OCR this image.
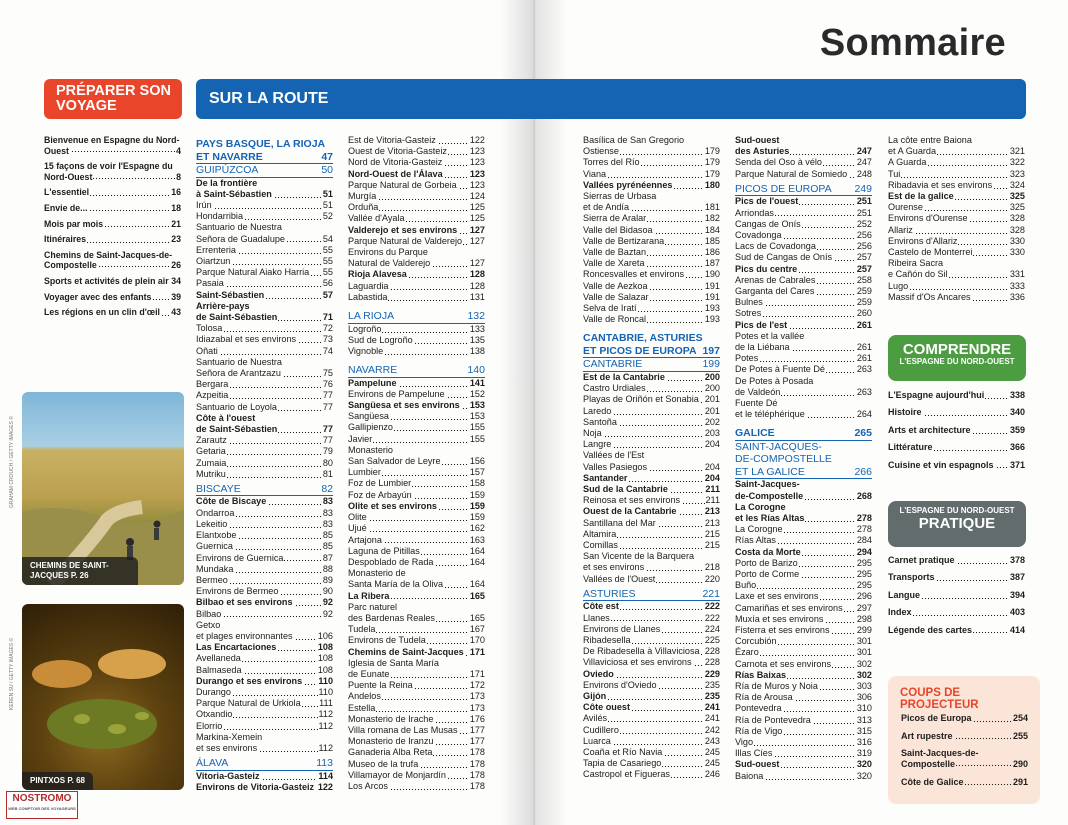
Sommaire
PRÉPARER SON VOYAGE	SUR LA ROUTE
Bienvenue en Espagne du Nord-Ouest	4
15 façons de voir l'Espagne du Nord-Ouest	8
L'essentiel	16
Envie de...	18
Mois par mois	21
Itinéraires	23
Chemins de Saint-Jacques-de-Compostelle	26
Sports et activités de plein air 34
Voyager avec des enfants 39
Les régions en un clin d'œil 43
PAYS BASQUE, LA RIOJA
ET NAVARRE	47
GUIPÚZCOA	50
De la frontière
à Saint-Sébastien	51
Irún	51
Hondarribia	52
Santuario de Nuestra
Señora de Guadalupe	54
Errenteria	55
Oiartzun	55
Parque Natural Aiako Harria 55
Pasaia	56
Saint-Sébastien	57
Arrière-pays
de Saint-Sébastien	71
Tolosa	72
Idiazabal et ses environs	73
Oñati	74
Santuario de Nuestra
Señora de Arantzazu	75
Bergara	76
Azpeitia	77
Santuario de Loyola	77
Côte à l'ouest
de Saint-Sébastien	77
Zarautz	77
Getaria	79
Zumaia	80
Mutriku	81
BISCAYE	82
Côte de Biscaye	83
Ondarroa	83
Lekeitio	83
Elantxobe	85
Guernica	85
Environs de Guernica	87
Mundaka	88
Bermeo	89
Environs de Bermeo	90
Bilbao et ses environs	92
Bilbao	92
Getxo
et plages environnantes	106
Las Encartaciones	108
Avellaneda	108
Balmaseda	108
Durango et ses environs 110
Durango	110
Parque Natural de Urkiola 111
Otxandio	112
Elorrio	112
Markina-Xemein
et ses environs	112
ÁLAVA	113
Vitoria-Gasteiz	114
Environs de Vitoria-Gasteiz 122
Est de Vitoria-Gasteiz	122
Ouest de Vitoria-Gasteiz	123
Nord de Vitoria-Gasteiz	123
Nord-Ouest de l'Álava	123
Parque Natural de Gorbeia 123
Murgía	124
Orduña	125
Vallée d'Ayala	125
Valderejo et ses environs 127
Parque Natural de Valderejo 127
Environs du Parque
Natural de Valderejo	127
Rioja Alavesa	128
Laguardia	128
Labastida	131
LA RIOJA	132
Logroño	133
Sud de Logroño	135
Vignoble	138
NAVARRE	140
Pampelune	141
Environs de Pampelune	152
Sangüesa et ses environs 153
Sangüesa	153
Gallipienzo	155
Javier	155
Monasterio
San Salvador de Leyre	156
Lumbier	157
Foz de Lumbier	158
Foz de Arbayún	159
Olite et ses environs	159
Olite	159
Ujué	162
Artajona	163
Laguna de Pitillas	164
Despoblado de Rada	164
Monasterio de
Santa María de la Oliva	164
La Ribera	165
Parc naturel
des Bardenas Reales	165
Tudela	167
Environs de Tudela	170
Chemins de Saint-Jacques 171
Iglesia de Santa María
de Eunate	171
Puente la Reina	172
Andelos	173
Estella	173
Monasterio de Irache	176
Villa romana de Las Musas 177
Monasterio de Iranzu	177
Ganaderia Alba Reta	178
Museo de la trufa	178
Villamayor de Monjardín	178
Los Arcos	178
Basílica de San Gregorio
Ostiense	179
Torres del Río	179
Viana	179
Vallées pyrénéennes	180
Sierras de Urbasa
et de Andía	181
Sierra de Aralar	182
Valle del Bidasoa	184
Valle de Bertizarana	185
Valle de Baztan	186
Valle de Xareta	187
Roncesvalles et environs 190
Valle de Aezkoa	191
Valle de Salazar	191
Selva de Iratí	193
Valle de Roncal	193
CANTABRIE, ASTURIES
ET PICOS DE EUROPA 197
CANTABRIE	199
Est de la Cantabrie	200
Castro Urdiales	200
Playas de Oriñón et Sonabia 201
Laredo	201
Santoña	202
Noja	203
Langre	204
Vallées de l'Est
Valles Pasiegos	204
Santander	204
Sud de la Cantabrie	211
Reinosa et ses environs	211
Ouest de la Cantabrie	213
Santillana del Mar	213
Altamira	215
Comillas	215
San Vicente de la Barquera
et ses environs	218
Vallées de l'Ouest	220
ASTURIES	221
Côte est	222
Llanes	222
Environs de Llanes	224
Ribadesella	225
De Ribadesella à Villaviciosa 228
Villaviciosa et ses environs 228
Oviedo	229
Environs d'Oviedo	235
Gijón	235
Côte ouest	241
Avilés	241
Cudillero	242
Luarca	243
Coaña et Río Navia	245
Tapia de Casariego	245
Castropol et Figueras	246
Sud-ouest
des Asturies	247
Senda del Oso à vélo	247
Parque Natural de Somiedo 248
PICOS DE EUROPA 249
Pics de l'ouest	251
Arriondas	251
Cangas de Onís	252
Covadonga	256
Lacs de Covadonga	256
Sud de Cangas de Onís	257
Pics du centre	257
Arenas de Cabrales	258
Garganta del Cares	259
Bulnes	259
Sotres	260
Pics de l'est	261
Potes et la vallée
de la Liébana	261
Potes	261
De Potes à Fuente Dé	263
De Potes à Posada
de Valdeón	263
Fuente Dé
et le téléphérique	264
GALICE	265
SAINT-JACQUES-
DE-COMPOSTELLE
ET LA GALICE	266
Saint-Jacques-
de-Compostelle	268
La Corogne
et les Rías Altas	278
La Corogne	278
Rías Altas	284
Costa da Morte	294
Porto de Barizo	295
Porto de Corme	295
Buño	295
Laxe et ses environs	296
Camariñas et ses environs 297
Muxía et ses environs	298
Fisterra et ses environs	299
Corcubión	301
Ézaro	301
Carnota et ses environs	302
Rías Baixas	302
Ría de Muros y Noia	303
Ría de Arousa	306
Pontevedra	310
Ría de Pontevedra	313
Ría de Vigo	315
Vigo	316
Illas Cíes	319
Sud-ouest	320
Baiona	320
La côte entre Baiona
et A Guarda	321
A Guarda	322
Tui	323
Ribadavia et ses environs 324
Est de la galice	325
Ourense	325
Environs d'Ourense	328
Allariz	328
Environs d'Allariz	330
Castelo de Monterrei	330
Ribeira Sacra
e Cañón do Sil	331
Lugo	333
Massif d'Os Ancares	336
CHEMINS DE SAINT-JACQUES P. 26
GRAHAM CROUCH / GETTY IMAGES ©
PINTXOS P. 68
KEREN SU / GETTY IMAGES ©
NOSTROMO
WEB COMPTOIR DES VOYAGEURS
COMPRENDRE
L'ESPAGNE DU NORD-OUEST
L'Espagne aujourd'hui	338
Histoire	340
Arts et architecture	359
Littérature	366
Cuisine et vin espagnols 371
L'ESPAGNE DU NORD-OUEST
PRATIQUE
Carnet pratique	378
Transports	387
Langue	394
Index	403
Légende des cartes	414
COUPS DE PROJECTEUR
Picos de Europa	254
Art rupestre	255
Saint-Jacques-de-Compostelle	290
Côte de Galice	291
